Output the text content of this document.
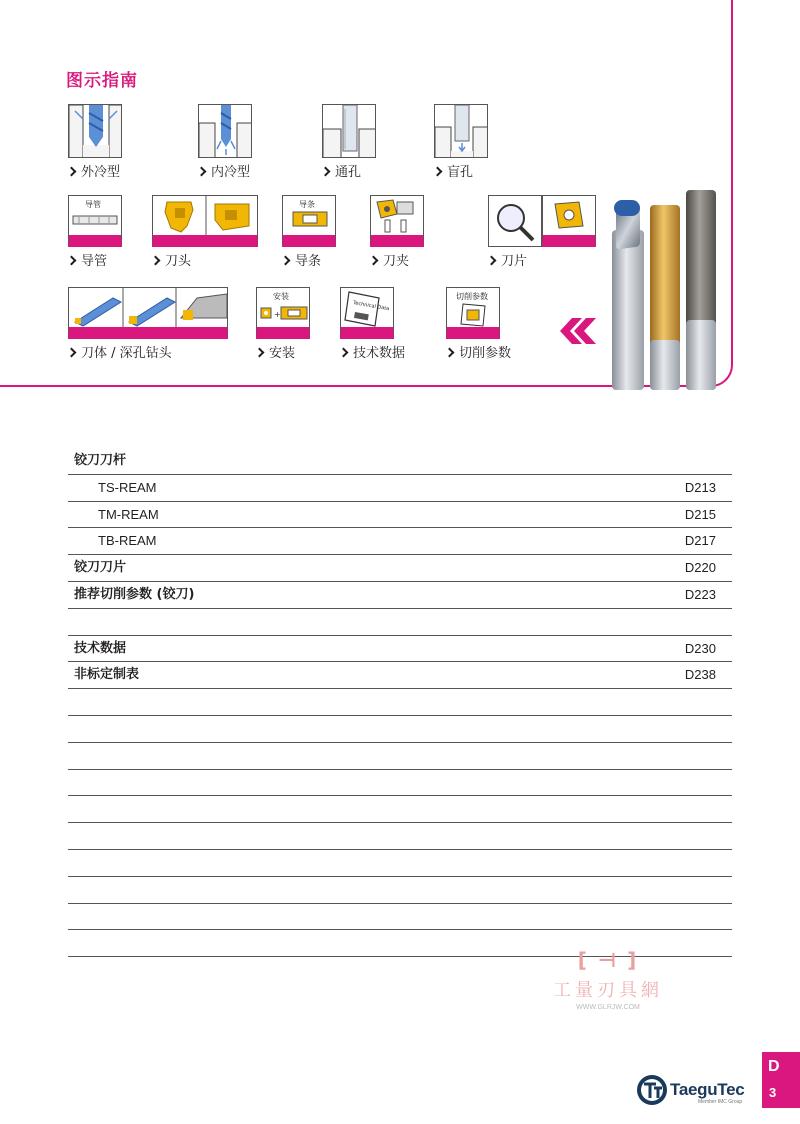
图示指南
外冷型	内冷型	通孔	盲孔
导管
导管	刀头
导条
导条	刀夹	刀片
刀体 / 深孔钻头
安装
+
安装
Technical Data
技术数据
切削参数
切削参数
铰刀刀杆
TS-REAM	D213
TM-REAM	D215
TB-REAM	D217
铰刀刀片	D220
推荐切削参数 (铰刀)	D223
技术数据	D230
非标定制表	D238
[ ⊣ ]
工量刃具網
WWW.GLRJW.COM
TaeguTec
Member IMC Group
D
3
